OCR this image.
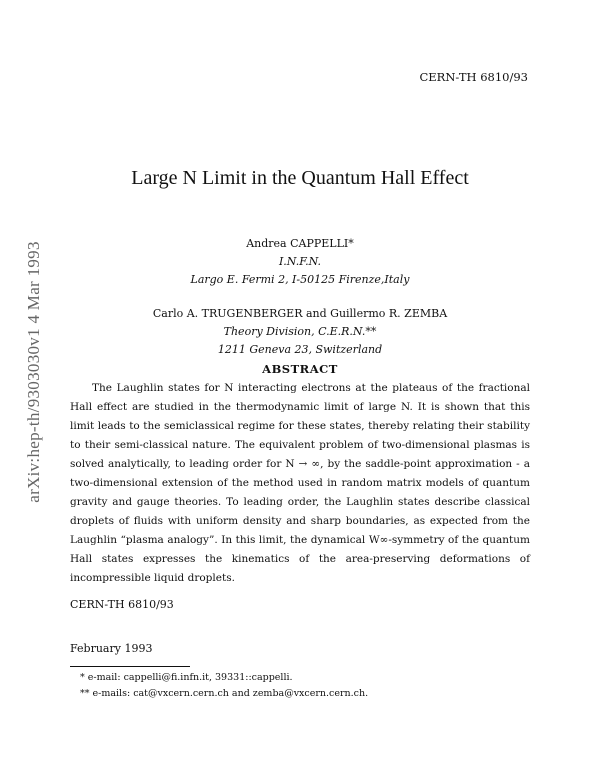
CERN-TH 6810/93
arXiv:hep-th/9303030v1 4 Mar 1993
Large N Limit in the Quantum Hall Effect
Andrea CAPPELLI*
I.N.F.N.
Largo E. Fermi 2, I-50125 Firenze,Italy
Carlo A. TRUGENBERGER and Guillermo R. ZEMBA
Theory Division, C.E.R.N.**
1211 Geneva 23, Switzerland
ABSTRACT

The Laughlin states for N interacting electrons at the plateaus of the fractional Hall effect are studied in the thermodynamic limit of large N. It is shown that this limit leads to the semiclassical regime for these states, thereby relating their stability to their semi-classical nature. The equivalent problem of two-dimensional plasmas is solved analytically, to leading order for N → ∞, by the saddle-point approximation - a two-dimensional extension of the method used in random matrix models of quantum gravity and gauge theories. To leading order, the Laughlin states describe classical droplets of fluids with uniform density and sharp boundaries, as expected from the Laughlin “plasma analogy”. In this limit, the dynamical W∞-symmetry of the quantum Hall states expresses the kinematics of the area-preserving deformations of incompressible liquid droplets.

CERN-TH 6810/93
February 1993
* e-mail: cappelli@fi.infn.it, 39331::cappelli.
** e-mails: cat@vxcern.cern.ch and zemba@vxcern.cern.ch.
